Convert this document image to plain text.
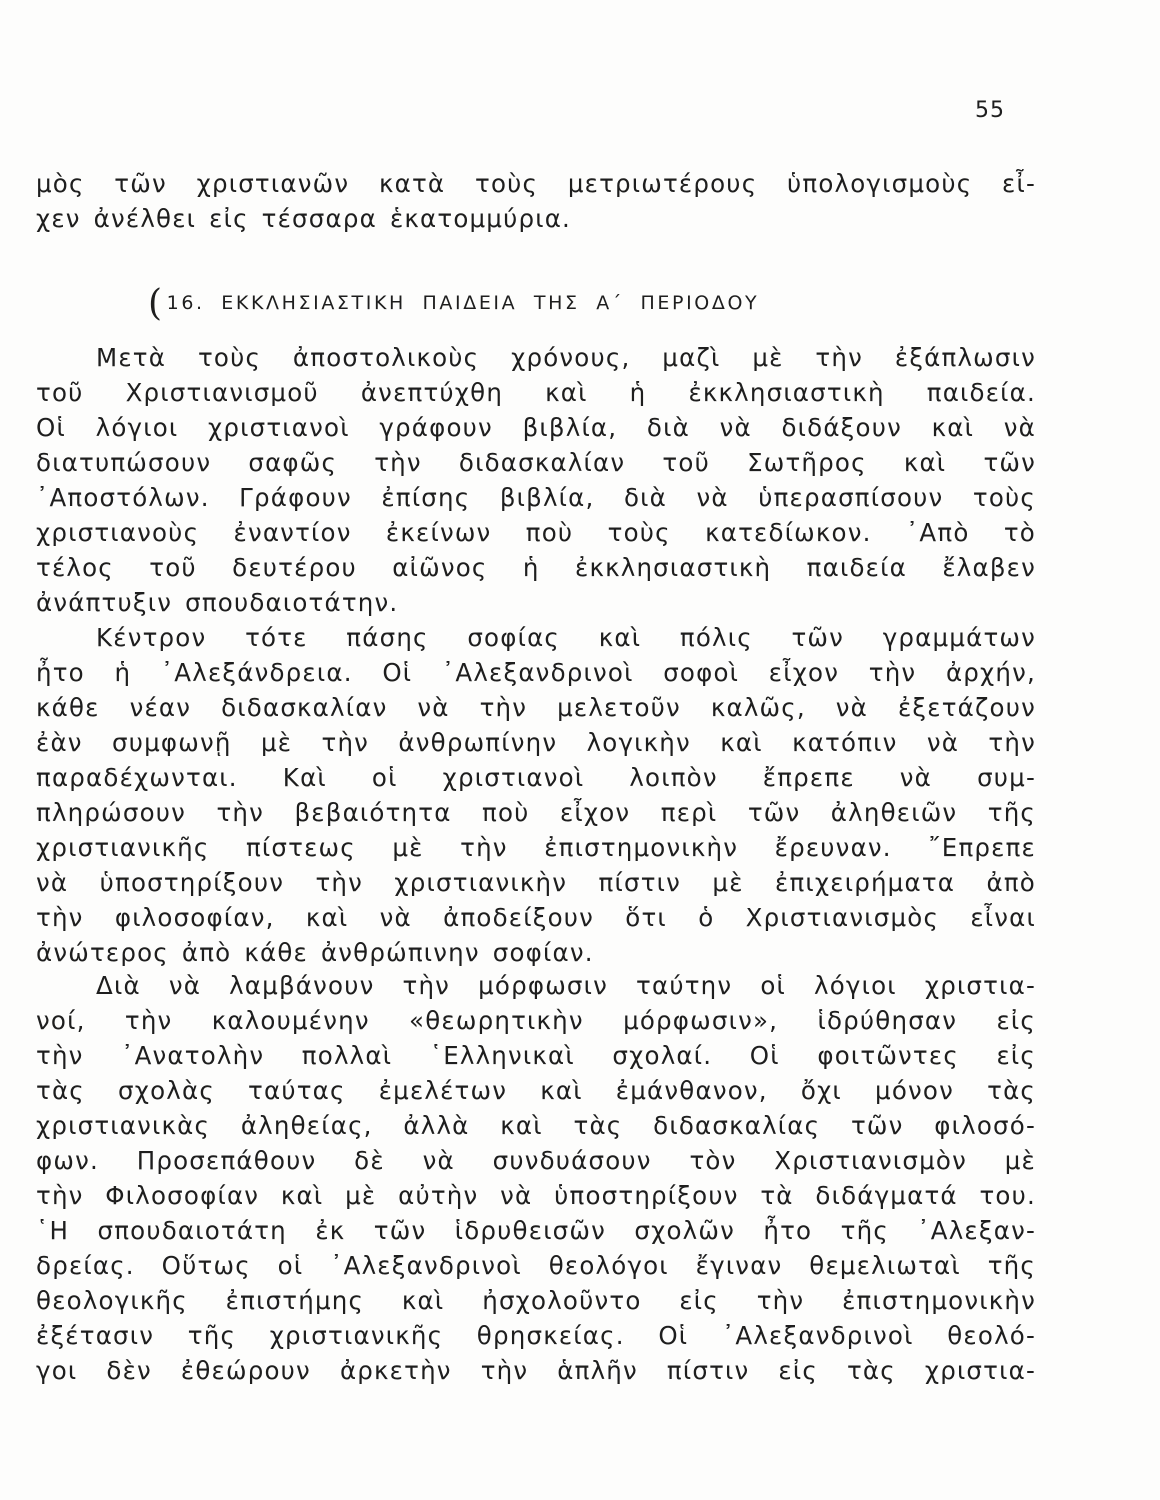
55
μὸς τῶν χριστιανῶν κατὰ τοὺς μετριωτέρους ὑπολογισμοὺς εἶ-
χεν ἀνέλθει εἰς τέσσαρα ἑκατομμύρια.
( 16. ΕΚΚΛΗΣΙΑΣΤΙΚΗ ΠΑΙΔΕΙΑ ΤΗΣ Α΄ ΠΕΡΙΟΔΟΥ
Μετὰ τοὺς ἀποστολικοὺς χρόνους, μαζὶ μὲ τὴν ἐξάπλωσιν
τοῦ Χριστιανισμοῦ ἀνεπτύχθη καὶ ἡ ἐκκλησιαστικὴ παιδεία.
Οἱ λόγιοι χριστιανοὶ γράφουν βιβλία, διὰ νὰ διδάξουν καὶ νὰ
διατυπώσουν σαφῶς τὴν διδασκαλίαν τοῦ Σωτῆρος καὶ τῶν
᾿Αποστόλων. Γράφουν ἐπίσης βιβλία, διὰ νὰ ὑπερασπίσουν τοὺς
χριστιανοὺς ἐναντίον ἐκείνων ποὺ τοὺς κατεδίωκον. ᾿Απὸ τὸ
τέλος τοῦ δευτέρου αἰῶνος ἡ ἐκκλησιαστικὴ παιδεία ἔλαβεν
ἀνάπτυξιν σπουδαιοτάτην.
Κέντρον τότε πάσης σοφίας καὶ πόλις τῶν γραμμάτων
ἦτο ἡ ᾿Αλεξάνδρεια. Οἱ ᾿Αλεξανδρινοὶ σοφοὶ εἶχον τὴν ἀρχήν,
κάθε νέαν διδασκαλίαν νὰ τὴν μελετοῦν καλῶς, νὰ ἐξετάζουν
ἐὰν συμφωνῇ μὲ τὴν ἀνθρωπίνην λογικὴν καὶ κατόπιν νὰ τὴν
παραδέχωνται. Καὶ οἱ χριστιανοὶ λοιπὸν ἔπρεπε νὰ συμ-
πληρώσουν τὴν βεβαιότητα ποὺ εἶχον περὶ τῶν ἀληθειῶν τῆς
χριστιανικῆς πίστεως μὲ τὴν ἐπιστημονικὴν ἔρευναν. ῎Επρεπε
νὰ ὑποστηρίξουν τὴν χριστιανικὴν πίστιν μὲ ἐπιχειρήματα ἀπὸ
τὴν φιλοσοφίαν, καὶ νὰ ἀποδείξουν ὅτι ὁ Χριστιανισμὸς εἶναι
ἀνώτερος ἀπὸ κάθε ἀνθρώπινην σοφίαν.
Διὰ νὰ λαμβάνουν τὴν μόρφωσιν ταύτην οἱ λόγιοι χριστια-
νοί, τὴν καλουμένην «θεωρητικὴν μόρφωσιν», ἱδρύθησαν εἰς
τὴν ᾿Ανατολὴν πολλαὶ ῾Ελληνικαὶ σχολαί. Οἱ φοιτῶντες εἰς
τὰς σχολὰς ταύτας ἐμελέτων καὶ ἐμάνθανον, ὄχι μόνον τὰς
χριστιανικὰς ἀληθείας, ἀλλὰ καὶ τὰς διδασκαλίας τῶν φιλοσό-
φων. Προσεπάθουν δὲ νὰ συνδυάσουν τὸν Χριστιανισμὸν μὲ
τὴν Φιλοσοφίαν καὶ μὲ αὐτὴν νὰ ὑποστηρίξουν τὰ διδάγματά του.
῾Η σπουδαιοτάτη ἐκ τῶν ἱδρυθεισῶν σχολῶν ἦτο τῆς ᾿Αλεξαν-
δρείας. Οὕτως οἱ ᾿Αλεξανδρινοὶ θεολόγοι ἔγιναν θεμελιωταὶ τῆς
θεολογικῆς ἐπιστήμης καὶ ἠσχολοῦντο εἰς τὴν ἐπιστημονικὴν
ἐξέτασιν τῆς χριστιανικῆς θρησκείας. Οἱ ᾿Αλεξανδρινοὶ θεολό-
γοι δὲν ἐθεώρουν ἀρκετὴν τὴν ἁπλῆν πίστιν εἰς τὰς χριστια-
